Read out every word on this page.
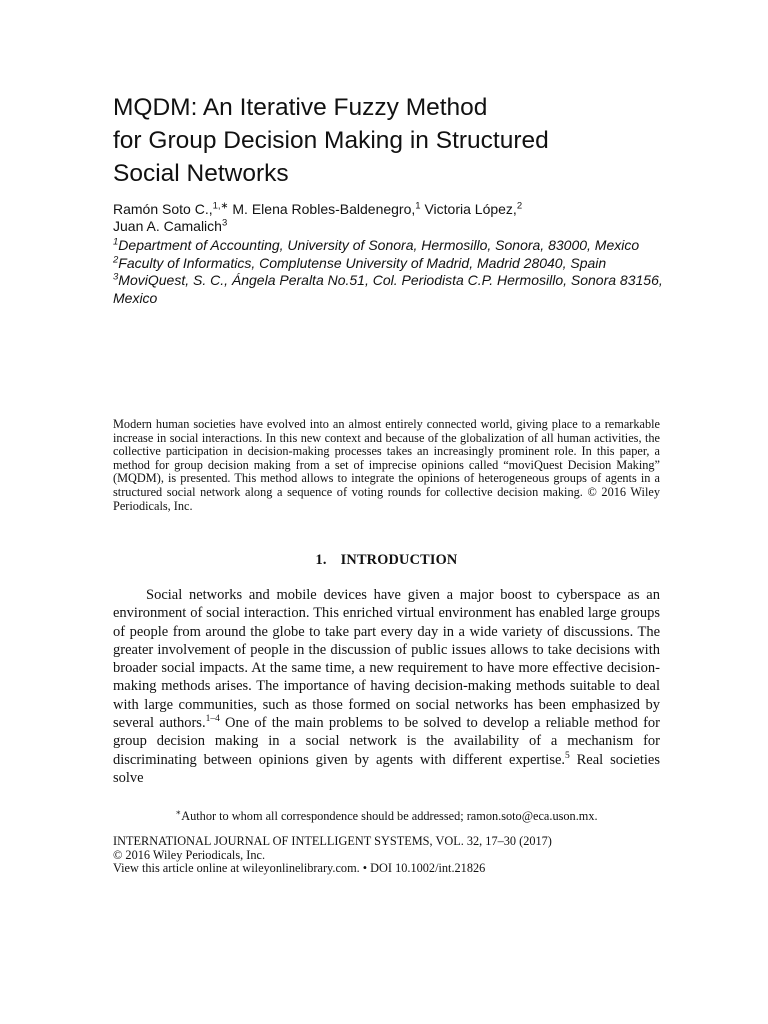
MQDM: An Iterative Fuzzy Method
for Group Decision Making in Structured
Social Networks
Ramón Soto C.,$^{1,∗}$ M. Elena Robles-Baldenegro,$^1$ Victoria López,$^2$
Juan A. Camalich$^3$

$^1$Department of Accounting, University of Sonora, Hermosillo, Sonora, 83000, Mexico

$^2$Faculty of Informatics, Complutense University of Madrid, Madrid 28040, Spain

$^3$MoviQuest, S. C., Ángela Peralta No.51, Col. Periodista C.P. Hermosillo, Sonora 83156, Mexico

Modern human societies have evolved into an almost entirely connected world, giving place to a remarkable increase in social interactions. In this new context and because of the globalization of all human activities, the collective participation in decision-making processes takes an increasingly prominent role. In this paper, a method for group decision making from a set of imprecise opinions called “moviQuest Decision Making” (MQDM), is presented. This method allows to integrate the opinions of heterogeneous groups of agents in a structured social network along a sequence of voting rounds for collective decision making. © 2016 Wiley Periodicals, Inc.
1. INTRODUCTION

Social networks and mobile devices have given a major boost to cyberspace as an environment of social interaction. This enriched virtual environment has enabled large groups of people from around the globe to take part every day in a wide variety of discussions. The greater involvement of people in the discussion of public issues allows to take decisions with broader social impacts. At the same time, a new requirement to have more effective decision-making methods arises. The importance of having decision-making methods suitable to deal with large communities, such as those formed on social networks has been emphasized by several authors.$^{1-4}$ One of the main problems to be solved to develop a reliable method for group decision making in a social network is the availability of a mechanism for discriminating between opinions given by agents with different expertise.$^5$ Real societies solve

∗Author to whom all correspondence should be addressed; ramon.soto@eca.uson.mx.
INTERNATIONAL JOURNAL OF INTELLIGENT SYSTEMS, VOL. 32, 17–30 (2017)
© 2016 Wiley Periodicals, Inc.
View this article online at wileyonlinelibrary.com. • DOI 10.1002/int.21826
